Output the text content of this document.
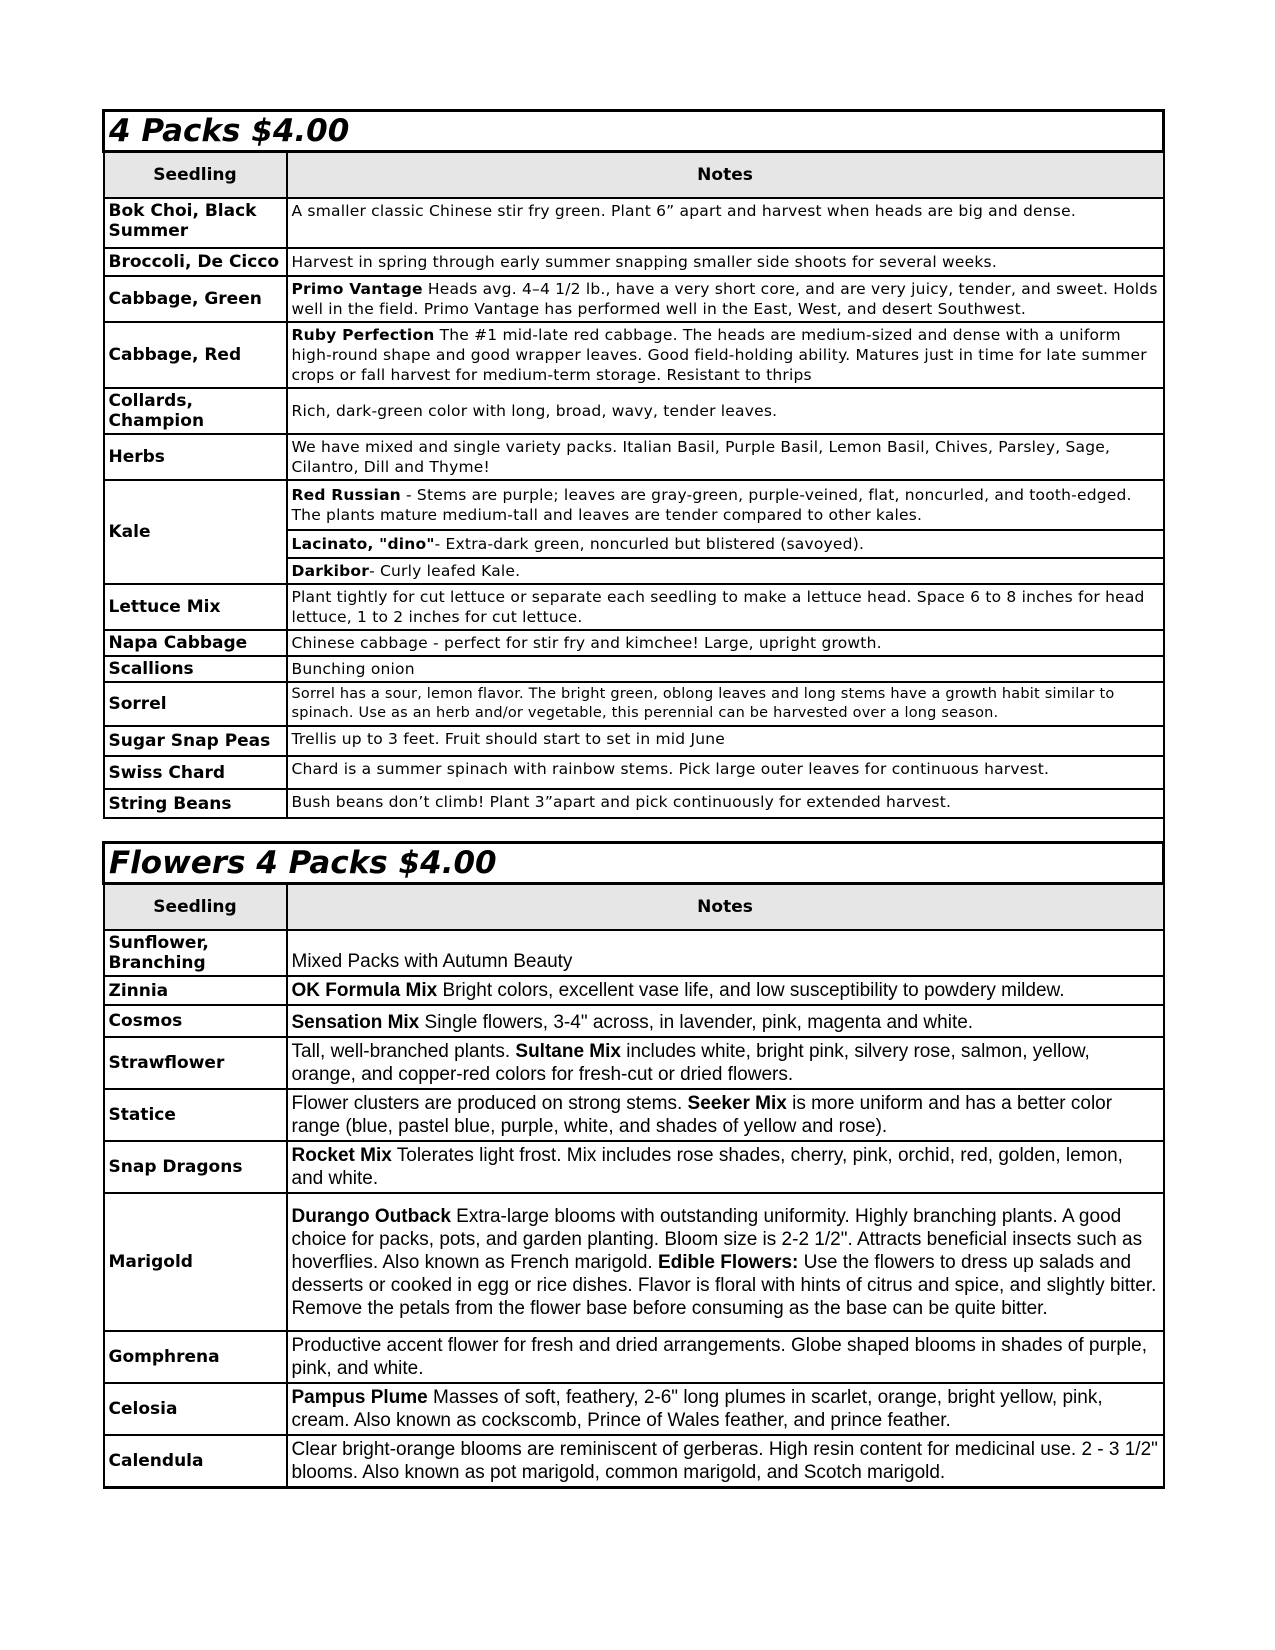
4 Packs $4.00	
Seedling	Notes
Bok Choi, Black Summer	A smaller classic Chinese stir fry green. Plant 6” apart and harvest when heads are big and dense.
Broccoli, De Cicco	Harvest in spring through early summer snapping smaller side shoots for several weeks.
Cabbage, Green	Primo Vantage Heads avg. 4–4 1/2 lb., have a very short core, and are very juicy, tender, and sweet. Holds well in the field. Primo Vantage has performed well in the East, West, and desert Southwest.
Cabbage, Red	Ruby Perfection The #1 mid-late red cabbage. The heads are medium-sized and dense with a uniform high-round shape and good wrapper leaves. Good field-holding ability. Matures just in time for late summer crops or fall harvest for medium-term storage. Resistant to thrips
Collards, Champion	Rich, dark-green color with long, broad, wavy, tender leaves.
Herbs	We have mixed and single variety packs. Italian Basil, Purple Basil, Lemon Basil, Chives, Parsley, Sage, Cilantro, Dill and Thyme!
Kale	Red Russian - Stems are purple; leaves are gray-green, purple-veined, flat, noncurled, and tooth-edged. The plants mature medium-tall and leaves are tender compared to other kales.
	Lacinato, "dino"- Extra-dark green, noncurled but blistered (savoyed).
	Darkibor- Curly leafed Kale.
Lettuce Mix	Plant tightly for cut lettuce or separate each seedling to make a lettuce head. Space 6 to 8 inches for head lettuce, 1 to 2 inches for cut lettuce.
Napa Cabbage	Chinese cabbage - perfect for stir fry and kimchee! Large, upright growth.
Scallions	Bunching onion
Sorrel	Sorrel has a sour, lemon flavor. The bright green, oblong leaves and long stems have a growth habit similar to spinach. Use as an herb and/or vegetable, this perennial can be harvested over a long season.
Sugar Snap Peas	Trellis up to 3 feet. Fruit should start to set in mid June
Swiss Chard	Chard is a summer spinach with rainbow stems. Pick large outer leaves for continuous harvest.
String Beans	Bush beans don’t climb! Plant 3”apart and pick continuously for extended harvest.

Flowers 4 Packs $4.00	
Seedling	Notes
Sunflower, Branching	Mixed Packs with Autumn Beauty
Zinnia	OK Formula Mix Bright colors, excellent vase life, and low susceptibility to powdery mildew.
Cosmos	Sensation Mix Single flowers, 3-4" across, in lavender, pink, magenta and white.
Strawflower	Tall, well-branched plants. Sultane Mix includes white, bright pink, silvery rose, salmon, yellow, orange, and copper-red colors for fresh-cut or dried flowers.
Statice	Flower clusters are produced on strong stems. Seeker Mix is more uniform and has a better color range (blue, pastel blue, purple, white, and shades of yellow and rose).
Snap Dragons	Rocket Mix Tolerates light frost. Mix includes rose shades, cherry, pink, orchid, red, golden, lemon, and white.
Marigold	Durango Outback Extra-large blooms with outstanding uniformity. Highly branching plants. A good choice for packs, pots, and garden planting. Bloom size is 2-2 1/2". Attracts beneficial insects such as hoverflies. Also known as French marigold. Edible Flowers: Use the flowers to dress up salads and desserts or cooked in egg or rice dishes. Flavor is floral with hints of citrus and spice, and slightly bitter. Remove the petals from the flower base before consuming as the base can be quite bitter.
Gomphrena	Productive accent flower for fresh and dried arrangements. Globe shaped blooms in shades of purple, pink, and white.
Celosia	Pampus Plume Masses of soft, feathery, 2-6" long plumes in scarlet, orange, bright yellow, pink, cream. Also known as cockscomb, Prince of Wales feather, and prince feather.
Calendula	Clear bright-orange blooms are reminiscent of gerberas. High resin content for medicinal use. 2 - 3 1/2" blooms. Also known as pot marigold, common marigold, and Scotch marigold.
